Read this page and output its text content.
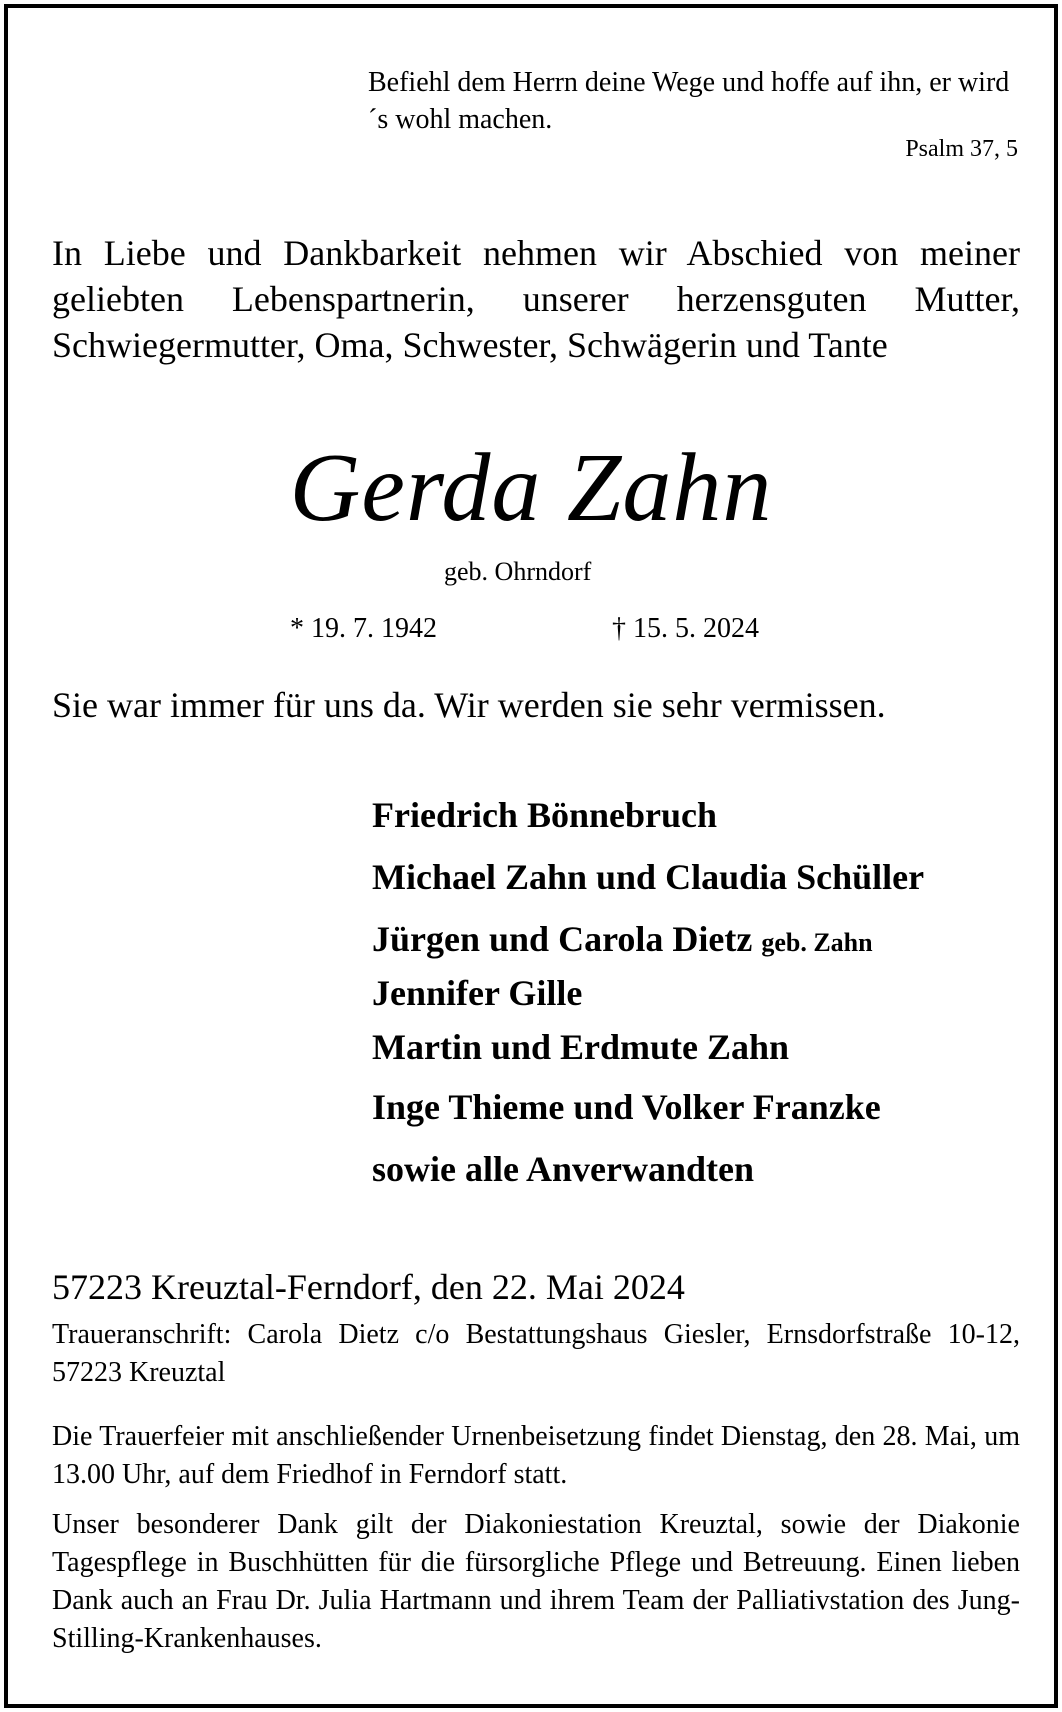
Befiehl dem Herrn deine Wege und hoffe auf ihn, er wird´s wohl machen.

Psalm 37, 5

In Liebe und Dankbarkeit nehmen wir Abschied von meiner geliebten Lebenspartnerin, unserer herzensguten Mutter, Schwiegermutter, Oma, Schwester, Schwägerin und Tante

Gerda Zahn

geb. Ohrndorf

* 19. 7. 1942	† 15. 5. 2024

Sie war immer für uns da. Wir werden sie sehr vermissen.

Friedrich Bönnebruch
Michael Zahn und Claudia Schüller
Jürgen und Carola Dietz geb. Zahn
Jennifer Gille
Martin und Erdmute Zahn
Inge Thieme und Volker Franzke
sowie alle Anverwandten

57223 Kreuztal-Ferndorf, den 22. Mai 2024

Traueranschrift: Carola Dietz c/o Bestattungshaus Giesler, Ernsdorfstraße 10-12, 57223 Kreuztal

Die Trauerfeier mit anschließender Urnenbeisetzung findet Dienstag, den 28. Mai, um 13.00 Uhr, auf dem Friedhof in Ferndorf statt.

Unser besonderer Dank gilt der Diakoniestation Kreuztal, sowie der Diakonie Tagespflege in Buschhütten für die fürsorgliche Pflege und Betreuung. Einen lieben Dank auch an Frau Dr. Julia Hartmann und ihrem Team der Palliativstation des Jung-Stilling-Krankenhauses.
